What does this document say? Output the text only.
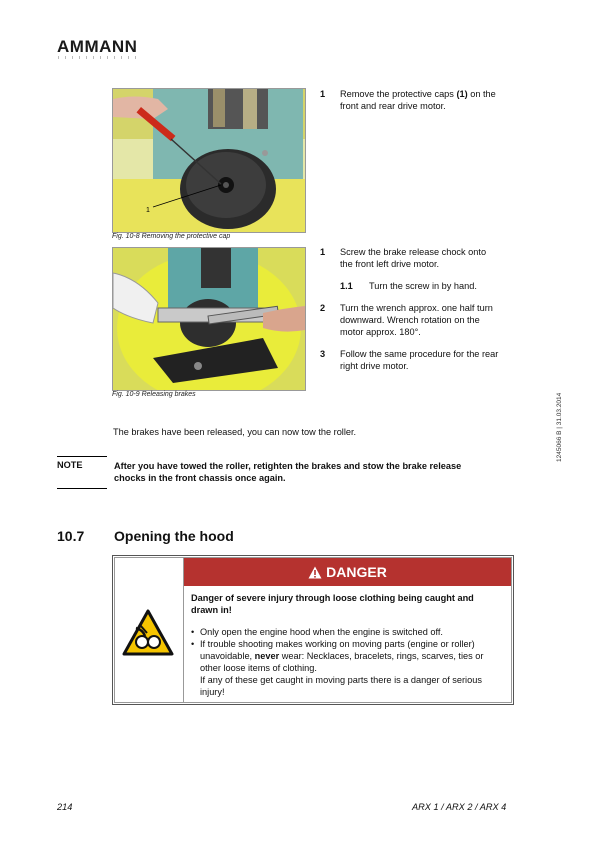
AMMANN
1
Fig. 10-8 Removing the protective cap
1 Remove the protective caps (1) on the
front and rear drive motor.
Fig. 10-9 Releasing brakes
1 Screw the brake release chock onto
the front left drive motor.
1.1 Turn the screw in by hand.
2 Turn the wrench approx. one half turn
downward. Wrench rotation on the
motor approx. 180°.
3 Follow the same procedure for the rear
right drive motor.
1245066 B | 31.03.2014
The brakes have been released, you can now tow the roller.
NOTE	After you have towed the roller, retighten the brakes and stow the brake release
chocks in the front chassis once again.
10.7 Opening the hood
DANGER
Danger of severe injury through loose clothing being caught and
drawn in!
• Only open the engine hood when the engine is switched off.
• If trouble shooting makes working on moving parts (engine or roller)
unavoidable, never wear: Necklaces, bracelets, rings, scarves, ties or
other loose items of clothing.
If any of these get caught in moving parts there is a danger of serious
injury!
214	ARX 1 / ARX 2 / ARX 4
